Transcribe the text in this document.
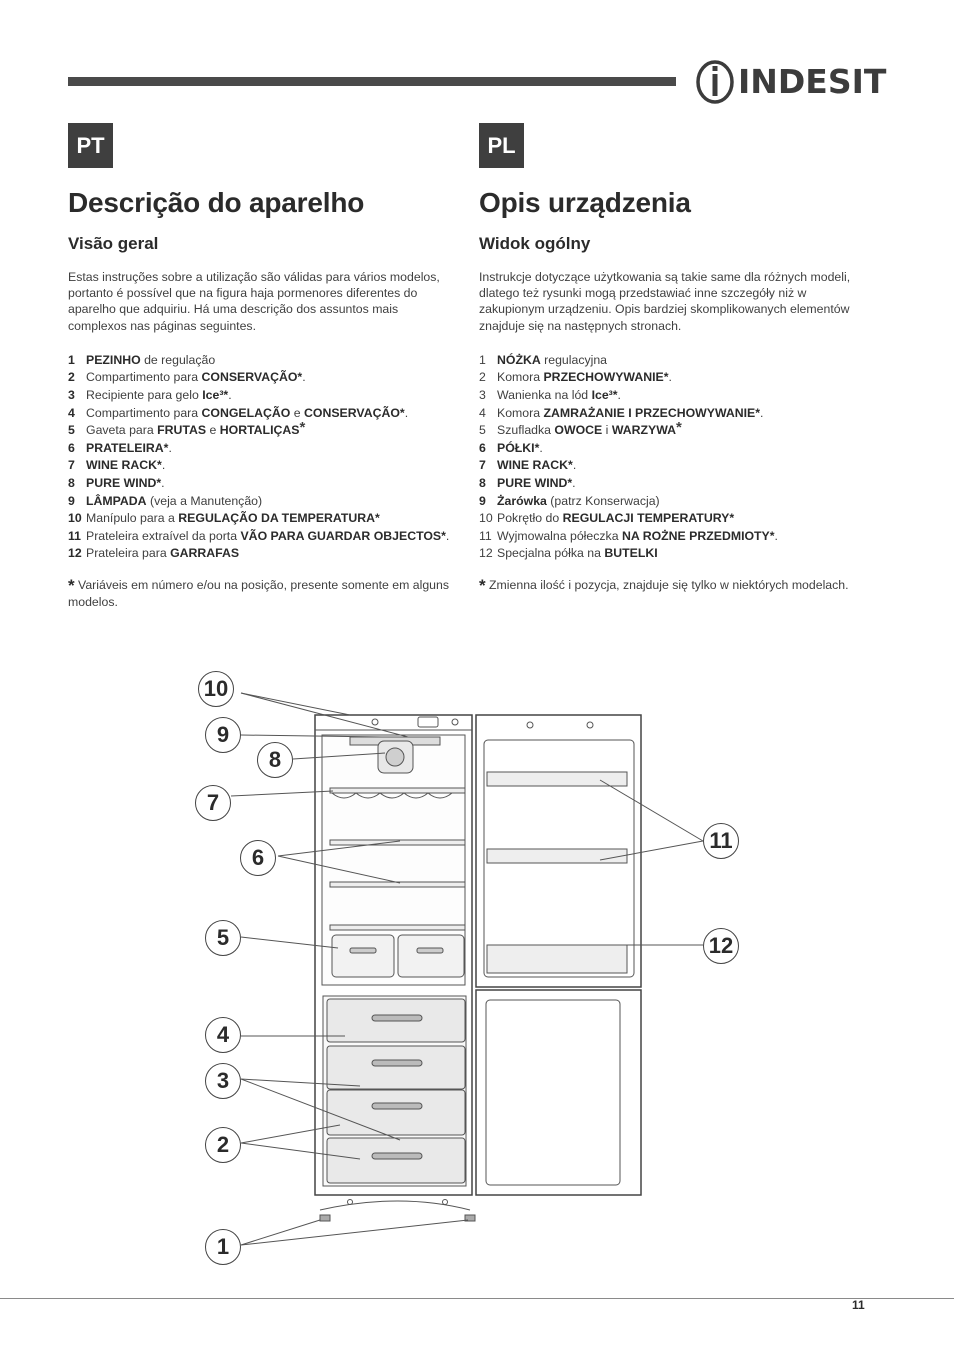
INDESIT
PT
Descrição do aparelho
Visão geral

Estas instruções sobre a utilização são válidas para vários modelos, portanto é possível que na figura haja pormenores diferentes do aparelho que adquiriu. Há uma descrição dos assuntos mais complexos nas páginas seguintes.

1 PEZINHO de regulação
2 Compartimento para CONSERVAÇÃO*.
3 Recipiente para gelo Ice³*.
4 Compartimento para CONGELAÇÃO e CONSERVAÇÃO*.
5 Gaveta para FRUTAS e HORTALIÇAS*
6 PRATELEIRA*.
7 WINE RACK*.
8 PURE WIND*.
9 LÂMPADA (veja a Manutenção)
10 Manípulo para a REGULAÇÃO DA TEMPERATURA*
11 Prateleira extraível da porta VÃO PARA GUARDAR OBJECTOS*.
12 Prateleira para GARRAFAS
* Variáveis em número e/ou na posição, presente somente em alguns modelos.
PL
Opis urządzenia
Widok ogólny

Instrukcje dotyczące użytkowania są takie same dla różnych modeli, dlatego też rysunki mogą przedstawiać inne szczegóły niż w zakupionym urządzeniu. Opis bardziej skomplikowanych elementów znajduje się na następnych stronach.

1 NÓŻKA regulacyjna
2 Komora PRZECHOWYWANIE*.
3 Wanienka na lód Ice³*.
4 Komora ZAMRAŻANIE I PRZECHOWYWANIE*.
5 Szufladka OWOCE i WARZYWA*
6 PÓŁKI*.
7 WINE RACK*.
8 PURE WIND*.
9 Żarówka (patrz Konserwacja)
10 Pokrętło do REGULACJI TEMPERATURY*
11 Wyjmowalna półeczka NA ROŻNE PRZEDMIOTY*.
12 Specjalna półka na BUTELKI
* Zmienna ilość i pozycja, znajduje się tylko w niektórych modelach.
10
9
8
7
6
5
4
3
2
1
11
12
11
